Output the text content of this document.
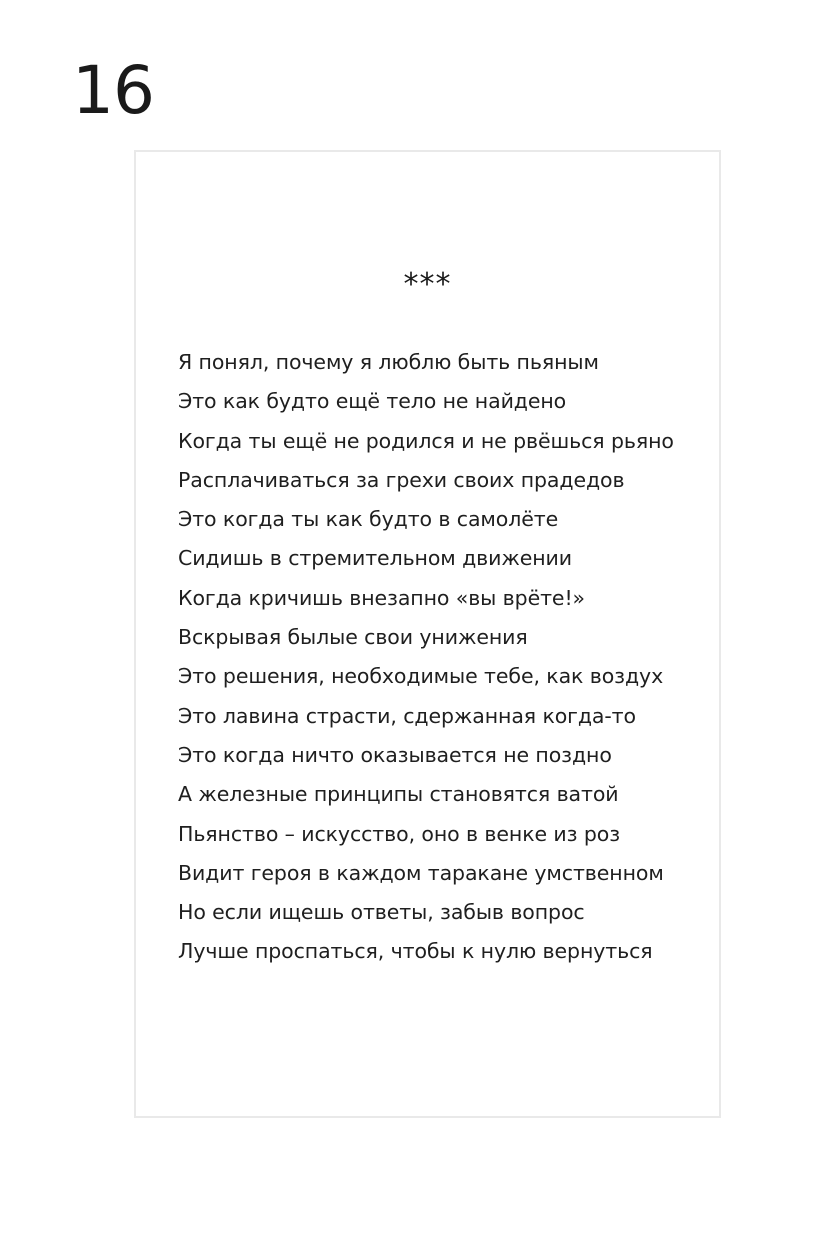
16
***
Я понял, почему я люблю быть пьяным
Это как будто ещё тело не найдено
Когда ты ещё не родился и не рвёшься рьяно
Расплачиваться за грехи своих прадедов
Это когда ты как будто в самолёте
Сидишь в стремительном движении
Когда кричишь внезапно «вы врёте!»
Вскрывая былые свои унижения
Это решения, необходимые тебе, как воздух
Это лавина страсти, сдержанная когда-то
Это когда ничто оказывается не поздно
А железные принципы становятся ватой
Пьянство – искусство, оно в венке из роз
Видит героя в каждом таракане умственном
Но если ищешь ответы, забыв вопрос
Лучше проспаться, чтобы к нулю вернуться
